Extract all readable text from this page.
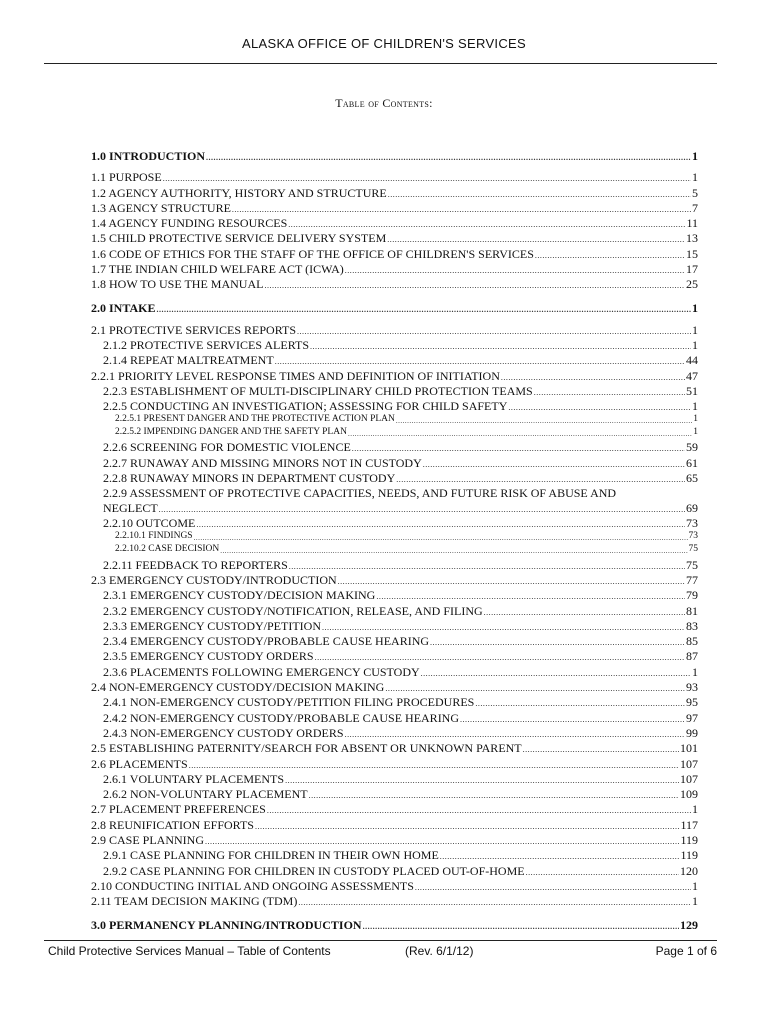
ALASKA OFFICE OF CHILDREN'S SERVICES
Table of Contents:
1.0 INTRODUCTION .....	1
1.1 PURPOSE .....	1
1.2 AGENCY AUTHORITY, HISTORY AND STRUCTURE .....	5
1.3 AGENCY STRUCTURE .....	7
1.4 AGENCY FUNDING RESOURCES .....	11
1.5 CHILD PROTECTIVE SERVICE DELIVERY SYSTEM .....	13
1.6 CODE OF ETHICS FOR THE STAFF OF THE OFFICE OF CHILDREN'S SERVICES .....	15
1.7 THE INDIAN CHILD WELFARE ACT (ICWA) .....	17
1.8 HOW TO USE THE MANUAL .....	25
2.0 INTAKE .....	1
2.1 PROTECTIVE SERVICES REPORTS .....	1
2.1.2 PROTECTIVE SERVICES ALERTS .....	1
2.1.4 REPEAT MALTREATMENT .....	44
2.2.1 PRIORITY LEVEL RESPONSE TIMES AND DEFINITION OF INITIATION .....	47
2.2.3 ESTABLISHMENT OF MULTI-DISCIPLINARY CHILD PROTECTION TEAMS .....	51
2.2.5 CONDUCTING AN INVESTIGATION; ASSESSING FOR CHILD SAFETY .....	1
2.2.5.1 PRESENT DANGER AND THE PROTECTIVE ACTION PLAN .....	1
2.2.5.2 IMPENDING DANGER AND THE SAFETY PLAN .....	1
2.2.6 SCREENING FOR DOMESTIC VIOLENCE .....	59
2.2.7 RUNAWAY AND MISSING MINORS NOT IN CUSTODY .....	61
2.2.8 RUNAWAY MINORS IN DEPARTMENT CUSTODY .....	65
2.2.9 ASSESSMENT OF PROTECTIVE CAPACITIES, NEEDS, AND FUTURE RISK OF ABUSE AND
NEGLECT .....	69
2.2.10 OUTCOME .....	73
2.2.10.1 FINDINGS .....	73
2.2.10.2 CASE DECISION .....	75
2.2.11 FEEDBACK TO REPORTERS .....	75
2.3 EMERGENCY CUSTODY/INTRODUCTION .....	77
2.3.1 EMERGENCY CUSTODY/DECISION MAKING .....	79
2.3.2 EMERGENCY CUSTODY/NOTIFICATION, RELEASE, AND FILING .....	81
2.3.3 EMERGENCY CUSTODY/PETITION .....	83
2.3.4 EMERGENCY CUSTODY/PROBABLE CAUSE HEARING .....	85
2.3.5 EMERGENCY CUSTODY ORDERS .....	87
2.3.6 PLACEMENTS FOLLOWING EMERGENCY CUSTODY .....	1
2.4 NON-EMERGENCY CUSTODY/DECISION MAKING .....	93
2.4.1 NON-EMERGENCY CUSTODY/PETITION FILING PROCEDURES .....	95
2.4.2 NON-EMERGENCY CUSTODY/PROBABLE CAUSE HEARING .....	97
2.4.3 NON-EMERGENCY CUSTODY ORDERS .....	99
2.5 ESTABLISHING PATERNITY/SEARCH FOR ABSENT OR UNKNOWN PARENT .....	101
2.6 PLACEMENTS .....	107
2.6.1 VOLUNTARY PLACEMENTS .....	107
2.6.2 NON-VOLUNTARY PLACEMENT .....	109
2.7 PLACEMENT PREFERENCES .....	1
2.8 REUNIFICATION EFFORTS .....	117
2.9 CASE PLANNING .....	119
2.9.1 CASE PLANNING FOR CHILDREN IN THEIR OWN HOME .....	119
2.9.2 CASE PLANNING FOR CHILDREN IN CUSTODY PLACED OUT-OF-HOME .....	120
2.10 CONDUCTING INITIAL AND ONGOING ASSESSMENTS .....	1
2.11 TEAM DECISION MAKING (TDM) .....	1
3.0 PERMANENCY PLANNING/INTRODUCTION .....	129
Child Protective Services Manual – Table of Contents	(Rev. 6/1/12)	Page 1 of 6
